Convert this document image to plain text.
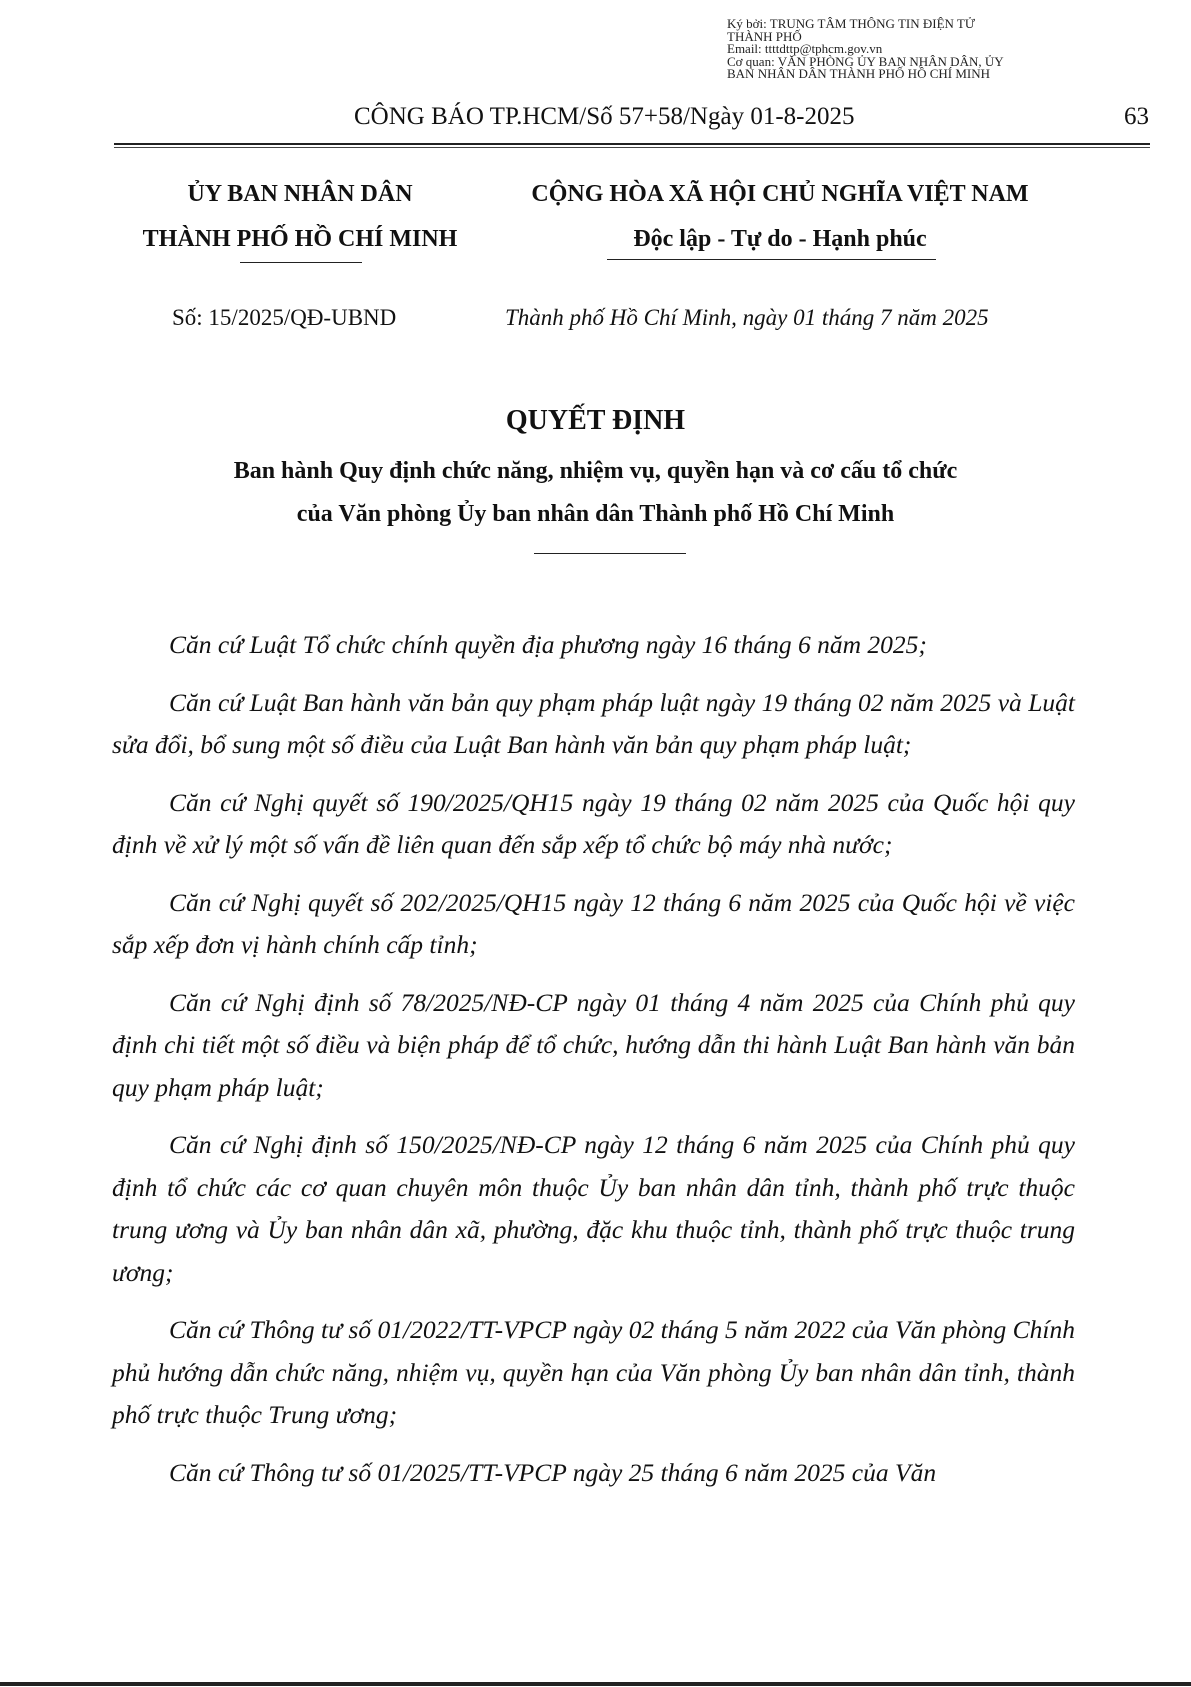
Ký bởi: TRUNG TÂM THÔNG TIN ĐIỆN TỬ
THÀNH PHỐ
Email: ttttdttp@tphcm.gov.vn
Cơ quan: VĂN PHÒNG ỦY BAN NHÂN DÂN, ỦY
BAN NHÂN DÂN THÀNH PHỐ HỒ CHÍ MINH
CÔNG BÁO TP.HCM/Số 57+58/Ngày 01-8-2025	63
ỦY BAN NHÂN DÂN
THÀNH PHỐ HỒ CHÍ MINH
CỘNG HÒA XÃ HỘI CHỦ NGHĨA VIỆT NAM
Độc lập - Tự do - Hạnh phúc
Số: 15/2025/QĐ-UBND	Thành phố Hồ Chí Minh, ngày 01 tháng 7 năm 2025
QUYẾT ĐỊNH
Ban hành Quy định chức năng, nhiệm vụ, quyền hạn và cơ cấu tổ chức
của Văn phòng Ủy ban nhân dân Thành phố Hồ Chí Minh

Căn cứ Luật Tổ chức chính quyền địa phương ngày 16 tháng 6 năm 2025;

Căn cứ Luật Ban hành văn bản quy phạm pháp luật ngày 19 tháng 02 năm 2025 và Luật sửa đổi, bổ sung một số điều của Luật Ban hành văn bản quy phạm pháp luật;

Căn cứ Nghị quyết số 190/2025/QH15 ngày 19 tháng 02 năm 2025 của Quốc hội quy định về xử lý một số vấn đề liên quan đến sắp xếp tổ chức bộ máy nhà nước;

Căn cứ Nghị quyết số 202/2025/QH15 ngày 12 tháng 6 năm 2025 của Quốc hội về việc sắp xếp đơn vị hành chính cấp tỉnh;

Căn cứ Nghị định số 78/2025/NĐ-CP ngày 01 tháng 4 năm 2025 của Chính phủ quy định chi tiết một số điều và biện pháp để tổ chức, hướng dẫn thi hành Luật Ban hành văn bản quy phạm pháp luật;

Căn cứ Nghị định số 150/2025/NĐ-CP ngày 12 tháng 6 năm 2025 của Chính phủ quy định tổ chức các cơ quan chuyên môn thuộc Ủy ban nhân dân tỉnh, thành phố trực thuộc trung ương và Ủy ban nhân dân xã, phường, đặc khu thuộc tỉnh, thành phố trực thuộc trung ương;

Căn cứ Thông tư số 01/2022/TT-VPCP ngày 02 tháng 5 năm 2022 của Văn phòng Chính phủ hướng dẫn chức năng, nhiệm vụ, quyền hạn của Văn phòng Ủy ban nhân dân tỉnh, thành phố trực thuộc Trung ương;

Căn cứ Thông tư số 01/2025/TT-VPCP ngày 25 tháng 6 năm 2025 của Văn
